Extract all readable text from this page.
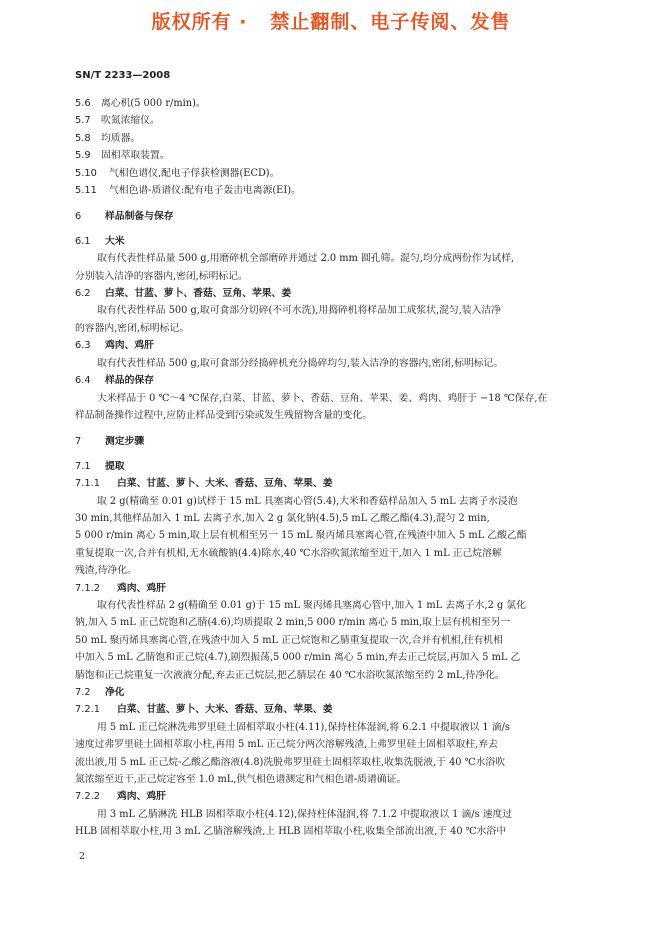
版权所有 ·   禁止翻制、电子传阅、发售
SN/T 2233—2008
5.6	离心机(5 000 r/min)。
5.7	吹氮浓缩仪。
5.8	均质器。
5.9	固相萃取装置。
5.10	气相色谱仪,配电子俘获检测器(ECD)。
5.11	气相色谱-质谱仪:配有电子轰击电离源(EI)。
6 样品制备与保存
6.1 大米
取有代表性样品量 500 g,用磨碎机全部磨碎并通过 2.0 mm 圆孔筛。混匀,均分成两份作为试样,
分别装入洁净的容器内,密闭,标明标记。
6.2 白菜、甘蓝、萝卜、香菇、豆角、苹果、姜
取有代表性样品 500 g,取可食部分切碎(不可水洗),用捣碎机将样品加工成浆状,混匀,装入洁净
的容器内,密闭,标明标记。
6.3 鸡肉、鸡肝
取有代表性样品 500 g,取可食部分经捣碎机充分捣碎均匀,装入洁净的容器内,密闭,标明标记。
6.4 样品的保存
大米样品于 0 ℃～4 ℃保存,白菜、甘蓝、萝卜、香菇、豆角、苹果、姜、鸡肉、鸡肝于 −18 ℃保存,在
样品制备操作过程中,应防止样品受到污染或发生残留物含量的变化。
7 测定步骤
7.1 提取
7.1.1 白菜、甘蓝、萝卜、大米、香菇、豆角、苹果、姜
取 2 g(精确至 0.01 g)试样于 15 mL 具塞离心管(5.4),大米和香菇样品加入 5 mL 去离子水浸泡
30 min,其他样品加入 1 mL 去离子水,加入 2 g 氯化钠(4.5),5 mL 乙酸乙酯(4.3),混匀 2 min,
5 000 r/min 离心 5 min,取上层有机相至另一 15 mL 聚丙烯具塞离心管,在残渣中加入 5 mL 乙酸乙酯
重复提取一次,合并有机相,无水硫酸钠(4.4)除水,40 ℃水浴吹氮浓缩至近干,加入 1 mL 正己烷溶解
残渣,待净化。
7.1.2 鸡肉、鸡肝
取有代表性样品 2 g(精确至 0.01 g)于 15 mL 聚丙烯具塞离心管中,加入 1 mL 去离子水,2 g 氯化
钠,加入 5 mL 正己烷饱和乙腈(4.6),均质提取 2 min,5 000 r/min 离心 5 min,取上层有机相至另一
50 mL 聚丙烯具塞离心管,在残渣中加入 5 mL 正己烷饱和乙腈重复提取一次,合并有机相,往有机相
中加入 5 mL 乙腈饱和正己烷(4.7),剧烈振荡,5 000 r/min 离心 5 min,弃去正己烷层,再加入 5 mL 乙
腈饱和正己烷重复一次液液分配,弃去正己烷层,把乙腈层在 40 ℃水浴吹氮浓缩至约 2 mL,待净化。
7.2 净化
7.2.1 白菜、甘蓝、萝卜、大米、香菇、豆角、苹果、姜
用 5 mL 正己烷淋洗弗罗里硅土固相萃取小柱(4.11),保持柱体湿润,将 6.2.1 中提取液以 1 滴/s
速度过弗罗里硅土固相萃取小柱,再用 5 mL 正己烷分两次溶解残渣,上弗罗里硅土固相萃取柱,弃去
流出液,用 5 mL 正己烷-乙酸乙酯溶液(4.8)洗脱弗罗里硅土固相萃取柱,收集洗脱液,于 40 ℃水浴吹
氮浓缩至近干,正己烷定容至 1.0 mL,供气相色谱测定和气相色谱-质谱确证。
7.2.2 鸡肉、鸡肝
用 3 mL 乙腈淋洗 HLB 固相萃取小柱(4.12),保持柱体湿润,将 7.1.2 中提取液以 1 滴/s 速度过
HLB 固相萃取小柱,用 3 mL 乙腈溶解残渣,上 HLB 固相萃取小柱,收集全部流出液,于 40 ℃水浴中
2
